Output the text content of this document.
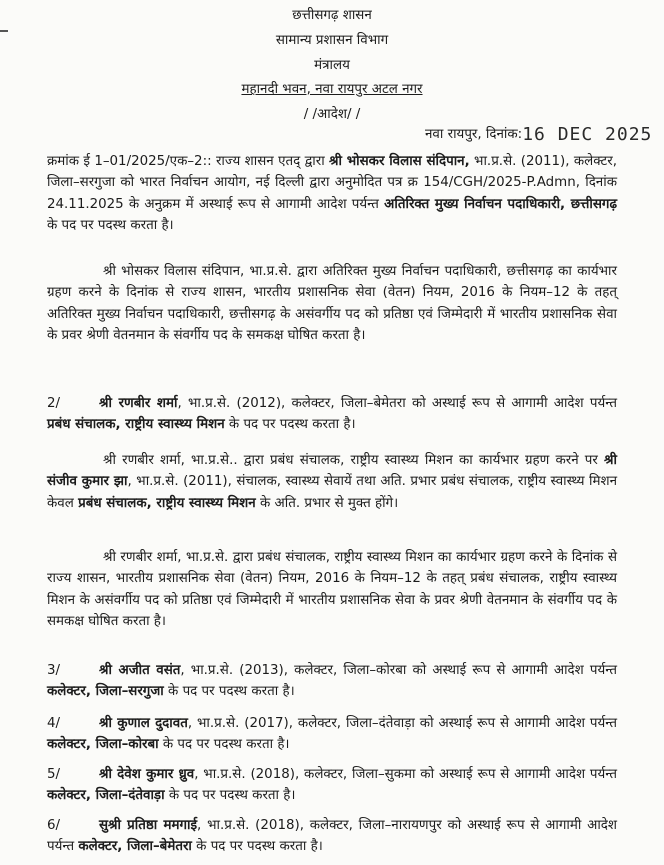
छत्तीसगढ़ शासन
सामान्य प्रशासन विभाग
मंत्रालय
महानदी भवन, नवा रायपुर अटल नगर
/ /आदेश/ /
नवा रायपुर, दिनांक:16 DEC 2025
क्रमांक ई 1–01/2025/एक–2:: राज्य शासन एतद् द्वारा श्री भोसकर विलास संदिपान, भा.प्र.से. (2011), कलेक्टर, जिला–सरगुजा को भारत निर्वाचन आयोग, नई दिल्ली द्वारा अनुमोदित पत्र क्र 154/CGH/2025-P.Admn, दिनांक 24.11.2025 के अनुक्रम में अस्थाई रूप से आगामी आदेश पर्यन्त अतिरिक्त मुख्य निर्वाचन पदाधिकारी, छत्तीसगढ़ के पद पर पदस्थ करता है।
श्री भोसकर विलास संदिपान, भा.प्र.से. द्वारा अतिरिक्त मुख्य निर्वाचन पदाधिकारी, छत्तीसगढ़ का कार्यभार ग्रहण करने के दिनांक से राज्य शासन, भारतीय प्रशासनिक सेवा (वेतन) नियम, 2016 के नियम–12 के तहत् अतिरिक्त मुख्य निर्वाचन पदाधिकारी, छत्तीसगढ़ के असंवर्गीय पद को प्रतिष्ठा एवं जिम्मेदारी में भारतीय प्रशासनिक सेवा के प्रवर श्रेणी वेतनमान के संवर्गीय पद के समकक्ष घोषित करता है।
2/	श्री रणबीर शर्मा, भा.प्र.से. (2012), कलेक्टर, जिला–बेमेतरा को अस्थाई रूप से आगामी आदेश पर्यन्त प्रबंध संचालक, राष्ट्रीय स्वास्थ्य मिशन के पद पर पदस्थ करता है।
श्री रणबीर शर्मा, भा.प्र.से.. द्वारा प्रबंध संचालक, राष्ट्रीय स्वास्थ्य मिशन का कार्यभार ग्रहण करने पर श्री संजीव कुमार झा, भा.प्र.से. (2011), संचालक, स्वास्थ्य सेवायें तथा अति. प्रभार प्रबंध संचालक, राष्ट्रीय स्वास्थ्य मिशन केवल प्रबंध संचालक, राष्ट्रीय स्वास्थ्य मिशन के अति. प्रभार से मुक्त होंगे।
श्री रणबीर शर्मा, भा.प्र.से. द्वारा प्रबंध संचालक, राष्ट्रीय स्वास्थ्य मिशन का कार्यभार ग्रहण करने के दिनांक से राज्य शासन, भारतीय प्रशासनिक सेवा (वेतन) नियम, 2016 के नियम–12 के तहत् प्रबंध संचालक, राष्ट्रीय स्वास्थ्य मिशन के असंवर्गीय पद को प्रतिष्ठा एवं जिम्मेदारी में भारतीय प्रशासनिक सेवा के प्रवर श्रेणी वेतनमान के संवर्गीय पद के समकक्ष घोषित करता है।
3/	श्री अजीत वसंत, भा.प्र.से. (2013), कलेक्टर, जिला–कोरबा को अस्थाई रूप से आगामी आदेश पर्यन्त कलेक्टर, जिला–सरगुजा के पद पर पदस्थ करता है।
4/	श्री कुणाल दुदावत, भा.प्र.से. (2017), कलेक्टर, जिला–दंतेवाड़ा को अस्थाई रूप से आगामी आदेश पर्यन्त कलेक्टर, जिला–कोरबा के पद पर पदस्थ करता है।
5/	श्री देवेश कुमार ध्रुव, भा.प्र.से. (2018), कलेक्टर, जिला–सुकमा को अस्थाई रूप से आगामी आदेश पर्यन्त कलेक्टर, जिला–दंतेवाड़ा के पद पर पदस्थ करता है।
6/	सुश्री प्रतिष्ठा ममगाई, भा.प्र.से. (2018), कलेक्टर, जिला–नारायणपुर को अस्थाई रूप से आगामी आदेश पर्यन्त कलेक्टर, जिला–बेमेतरा के पद पर पदस्थ करता है।
